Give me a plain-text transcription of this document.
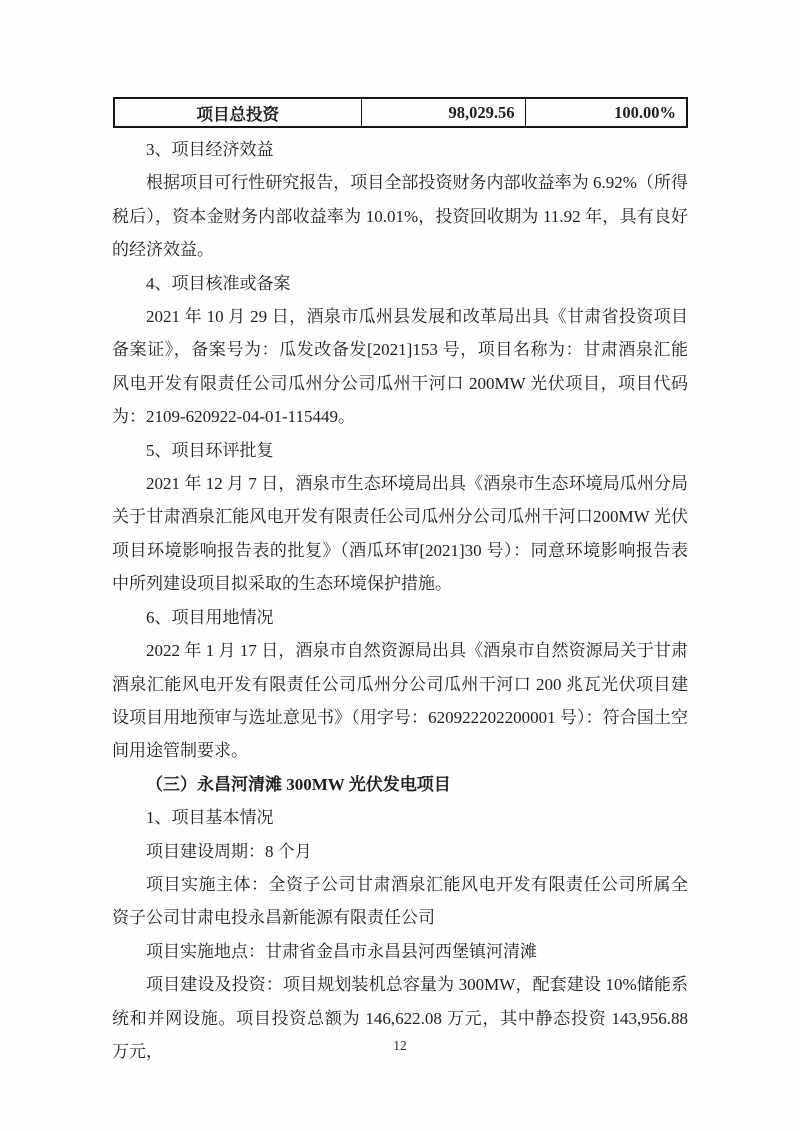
项目总投资	98,029.56	100.00%

3、项目经济效益

根据项目可行性研究报告，项目全部投资财务内部收益率为 6.92%（所得税后），资本金财务内部收益率为 10.01%，投资回收期为 11.92 年，具有良好的经济效益。

4、项目核准或备案

2021 年 10 月 29 日，酒泉市瓜州县发展和改革局出具《甘肃省投资项目备案证》，备案号为：瓜发改备发[2021]153 号，项目名称为：甘肃酒泉汇能风电开发有限责任公司瓜州分公司瓜州干河口 200MW 光伏项目，项目代码为：2109-620922-04-01-115449。

5、项目环评批复

2021 年 12 月 7 日，酒泉市生态环境局出具《酒泉市生态环境局瓜州分局关于甘肃酒泉汇能风电开发有限责任公司瓜州分公司瓜州干河口200MW 光伏项目环境影响报告表的批复》（酒瓜环审[2021]30 号）：同意环境影响报告表中所列建设项目拟采取的生态环境保护措施。

6、项目用地情况

2022 年 1 月 17 日，酒泉市自然资源局出具《酒泉市自然资源局关于甘肃酒泉汇能风电开发有限责任公司瓜州分公司瓜州干河口 200 兆瓦光伏项目建设项目用地预审与选址意见书》（用字号：620922202200001 号）：符合国土空间用途管制要求。

（三）永昌河清滩 300MW 光伏发电项目

1、项目基本情况

项目建设周期：8 个月

项目实施主体：全资子公司甘肃酒泉汇能风电开发有限责任公司所属全资子公司甘肃电投永昌新能源有限责任公司

项目实施地点：甘肃省金昌市永昌县河西堡镇河清滩

项目建设及投资：项目规划装机总容量为 300MW，配套建设 10%储能系统和并网设施。项目投资总额为 146,622.08 万元，其中静态投资 143,956.88 万元，	12
